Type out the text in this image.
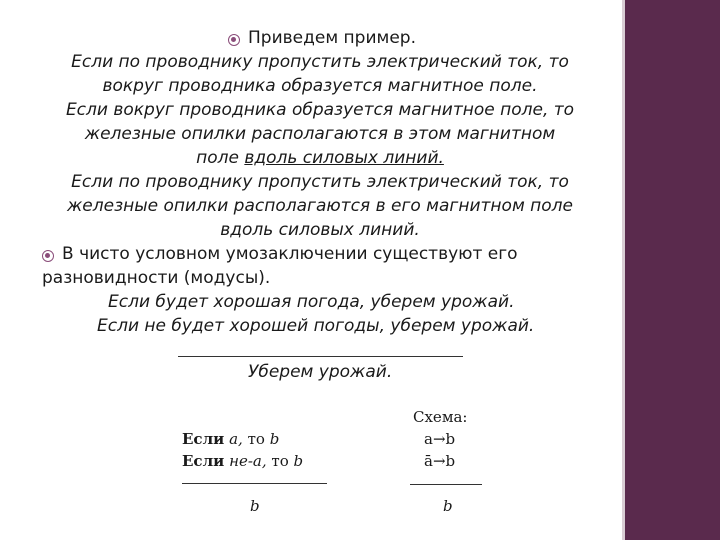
Приведем пример.
Если по проводнику пропустить электрический ток, то
вокруг проводника образуется магнитное поле.
Если вокруг проводника образуется магнитное поле, то
железные опилки располагаются в этом магнитном
поле вдоль силовых линий.
Если по проводнику пропустить электрический ток, то
железные опилки располагаются в его магнитном поле
вдоль силовых линий.
В чисто условном умозаключении существуют его
разновидности (модусы).
Если будет хорошая погода, уберем урожай.
Если не будет хорошей погоды, уберем урожай.
Уберем урожай.
Если a, то b
Если не-a, то b
b
Схема:
a→b
ā→b
b
